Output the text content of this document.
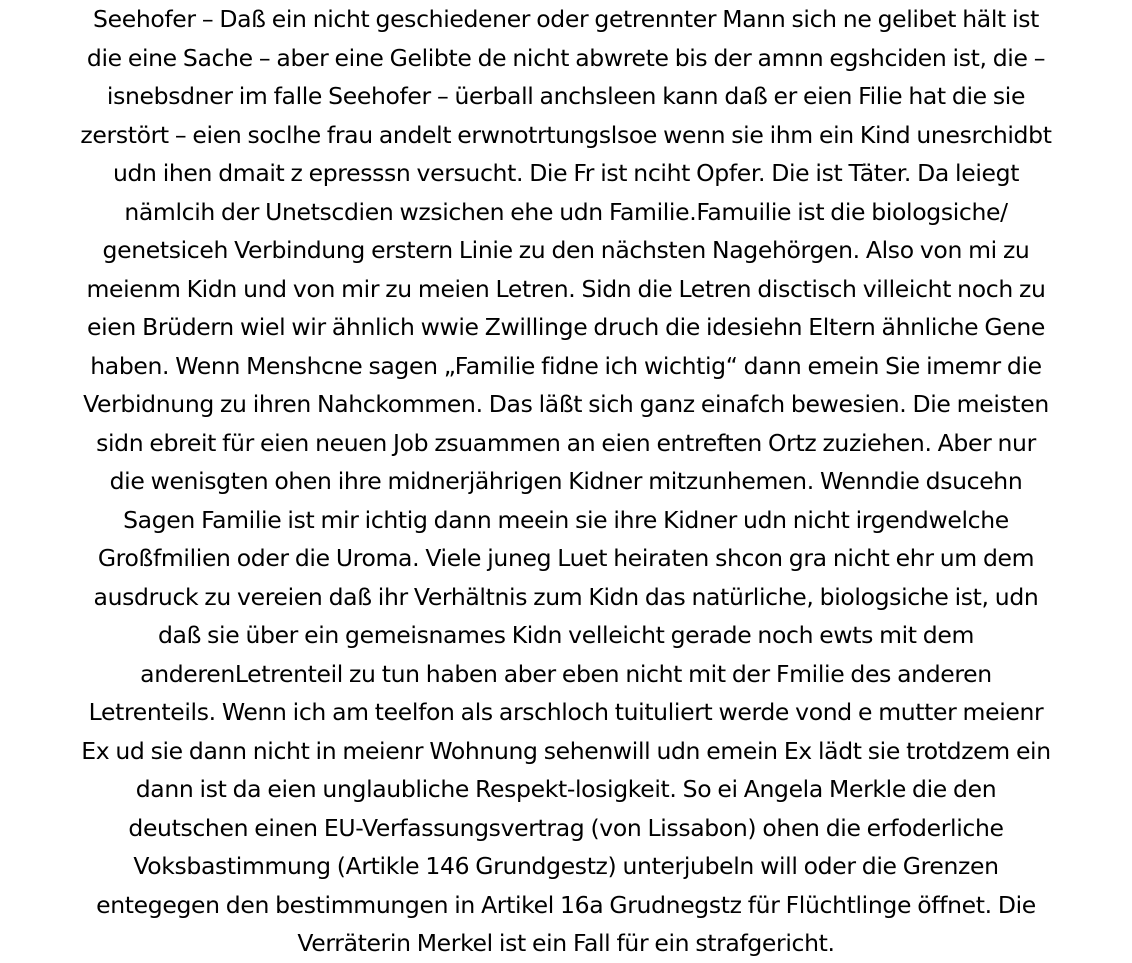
Seehofer – Daß ein nicht geschiedener oder getrennter Mann sich ne gelibet hält ist
die eine Sache – aber eine Gelibte de nicht abwrete bis der amnn egshciden ist, die –
isnebsdner im falle Seehofer – üerball anchsleen kann daß er eien Filie hat die sie
zerstört – eien soclhe frau andelt erwnotrtungslsoe wenn sie ihm ein Kind unesrchidbt
udn ihen dmait z epresssn versucht. Die Fr ist nciht Opfer. Die ist Täter. Da leiegt
nämlcih der Unetscdien wzsichen ehe udn Familie.Famuilie ist die biologsiche/
genetsiceh Verbindung erstern Linie zu den nächsten Nagehörgen. Also von mi zu
meienm Kidn und von mir zu meien Letren. Sidn die Letren disctisch villeicht noch zu
eien Brüdern wiel wir ähnlich wwie Zwillinge druch die idesiehn Eltern ähnliche Gene
haben. Wenn Menshcne sagen „Familie fidne ich wichtig“ dann emein Sie imemr die
Verbidnung zu ihren Nahckommen. Das läßt sich ganz einafch bewesien. Die meisten
sidn ebreit für eien neuen Job zsuammen an eien entreften Ortz zuziehen. Aber nur
die wenisgten ohen ihre midnerjährigen Kidner mitzunhemen. Wenndie dsucehn
Sagen Familie ist mir ichtig dann meein sie ihre Kidner udn nicht irgendwelche
Großfmilien oder die Uroma. Viele juneg Luet heiraten shcon gra nicht ehr um dem
ausdruck zu vereien daß ihr Verhältnis zum Kidn das natürliche, biologsiche ist, udn
daß sie über ein gemeisnames Kidn velleicht gerade noch ewts mit dem
anderenLetrenteil zu tun haben aber eben nicht mit der Fmilie des anderen
Letrenteils. Wenn ich am teelfon als arschloch tuituliert werde vond e mutter meienr
Ex ud sie dann nicht in meienr Wohnung sehenwill udn emein Ex lädt sie trotdzem ein
dann ist da eien unglaubliche Respekt-losigkeit. So ei Angela Merkle die den
deutschen einen EU-Verfassungsvertrag (von Lissabon) ohen die erfoderliche
Voksbastimmung (Artikle 146 Grundgestz) unterjubeln will oder die Grenzen
entegegen den bestimmungen in Artikel 16a Grudnegstz für Flüchtlinge öffnet. Die
Verräterin Merkel ist ein Fall für ein strafgericht.
